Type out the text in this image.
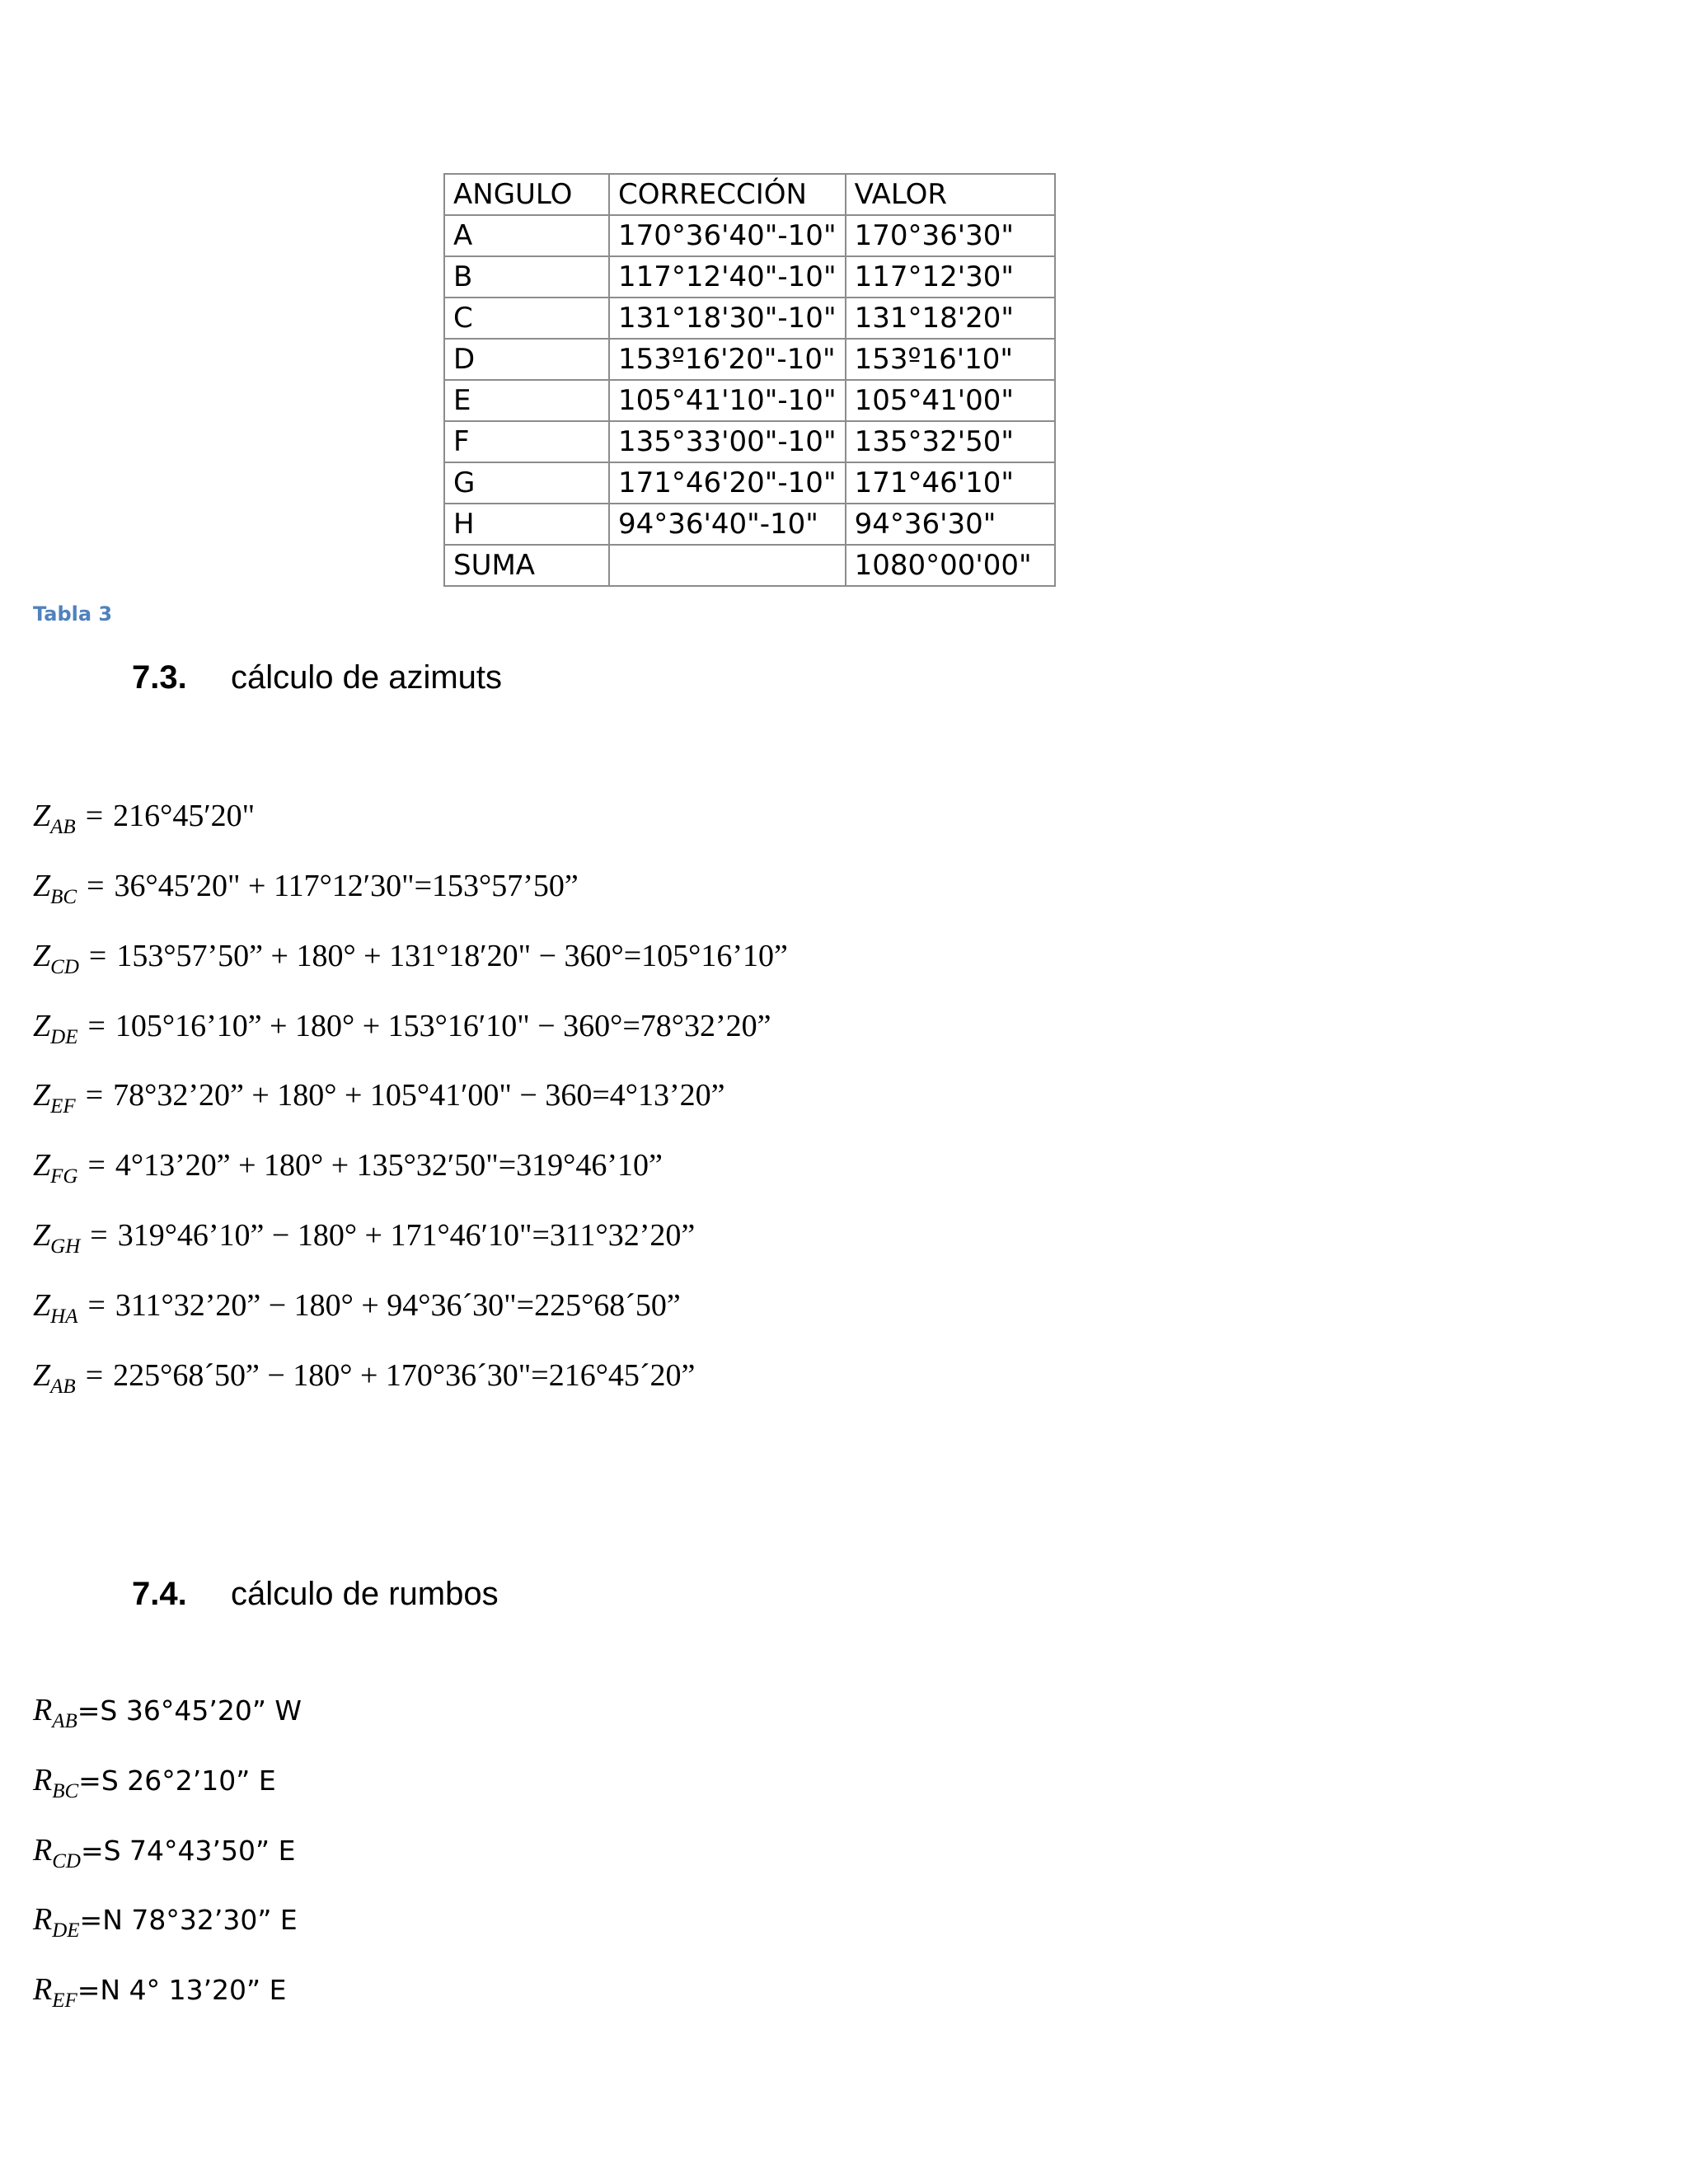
ANGULO	CORRECCIÓN	VALOR
A	170°36'40"-10"	170°36'30"
B	117°12'40"-10"	117°12'30"
C	131°18'30"-10"	131°18'20"
D	153º16'20"-10"	153º16'10"
E	105°41'10"-10"	105°41'00"
F	135°33'00"-10"	135°32'50"
G	171°46'20"-10"	171°46'10"
H	94°36'40"-10"	94°36'30"
SUMA		1080°00'00"
Tabla 3
7.3. cálculo de azimuts
$Z_{AB} = 216^\circ 45'20$"
$Z_{BC} = 36^\circ 45'20$" + 117°12′30"=153°57’50”
$Z_{CD}$ = 153°57’50” + 180° + 131°18′20" − 360°=105°16’10”
$Z_{DE}$ = 105°16’10” + 180° + 153°16′10" − 360°=78°32’20”
$Z_{EF}$ = 78°32’20” + 180° + 105°41′00" − 360=4°13’20”
$Z_{FG}$ = 4°13’20” + 180° + 135°32′50"=319°46’10”
$Z_{GH}$ = 319°46’10” − 180° + 171°46′10"=311°32’20”
$Z_{HA}$ = 311°32’20” − 180° + 94°36´30"=225°68´50”
$Z_{AB}$ = 225°68´50” − 180° + 170°36´30"=216°45´20”
7.4. cálculo de rumbos
$R_{AB}=S$ 36°45’20” W
$R_{BC}=S$ 26°2’10” E
$R_{CD}=S$ 74°43’50” E
$R_{DE}=N$ 78°32’30” E
$R_{EF}=N$ 4° 13’20” E
